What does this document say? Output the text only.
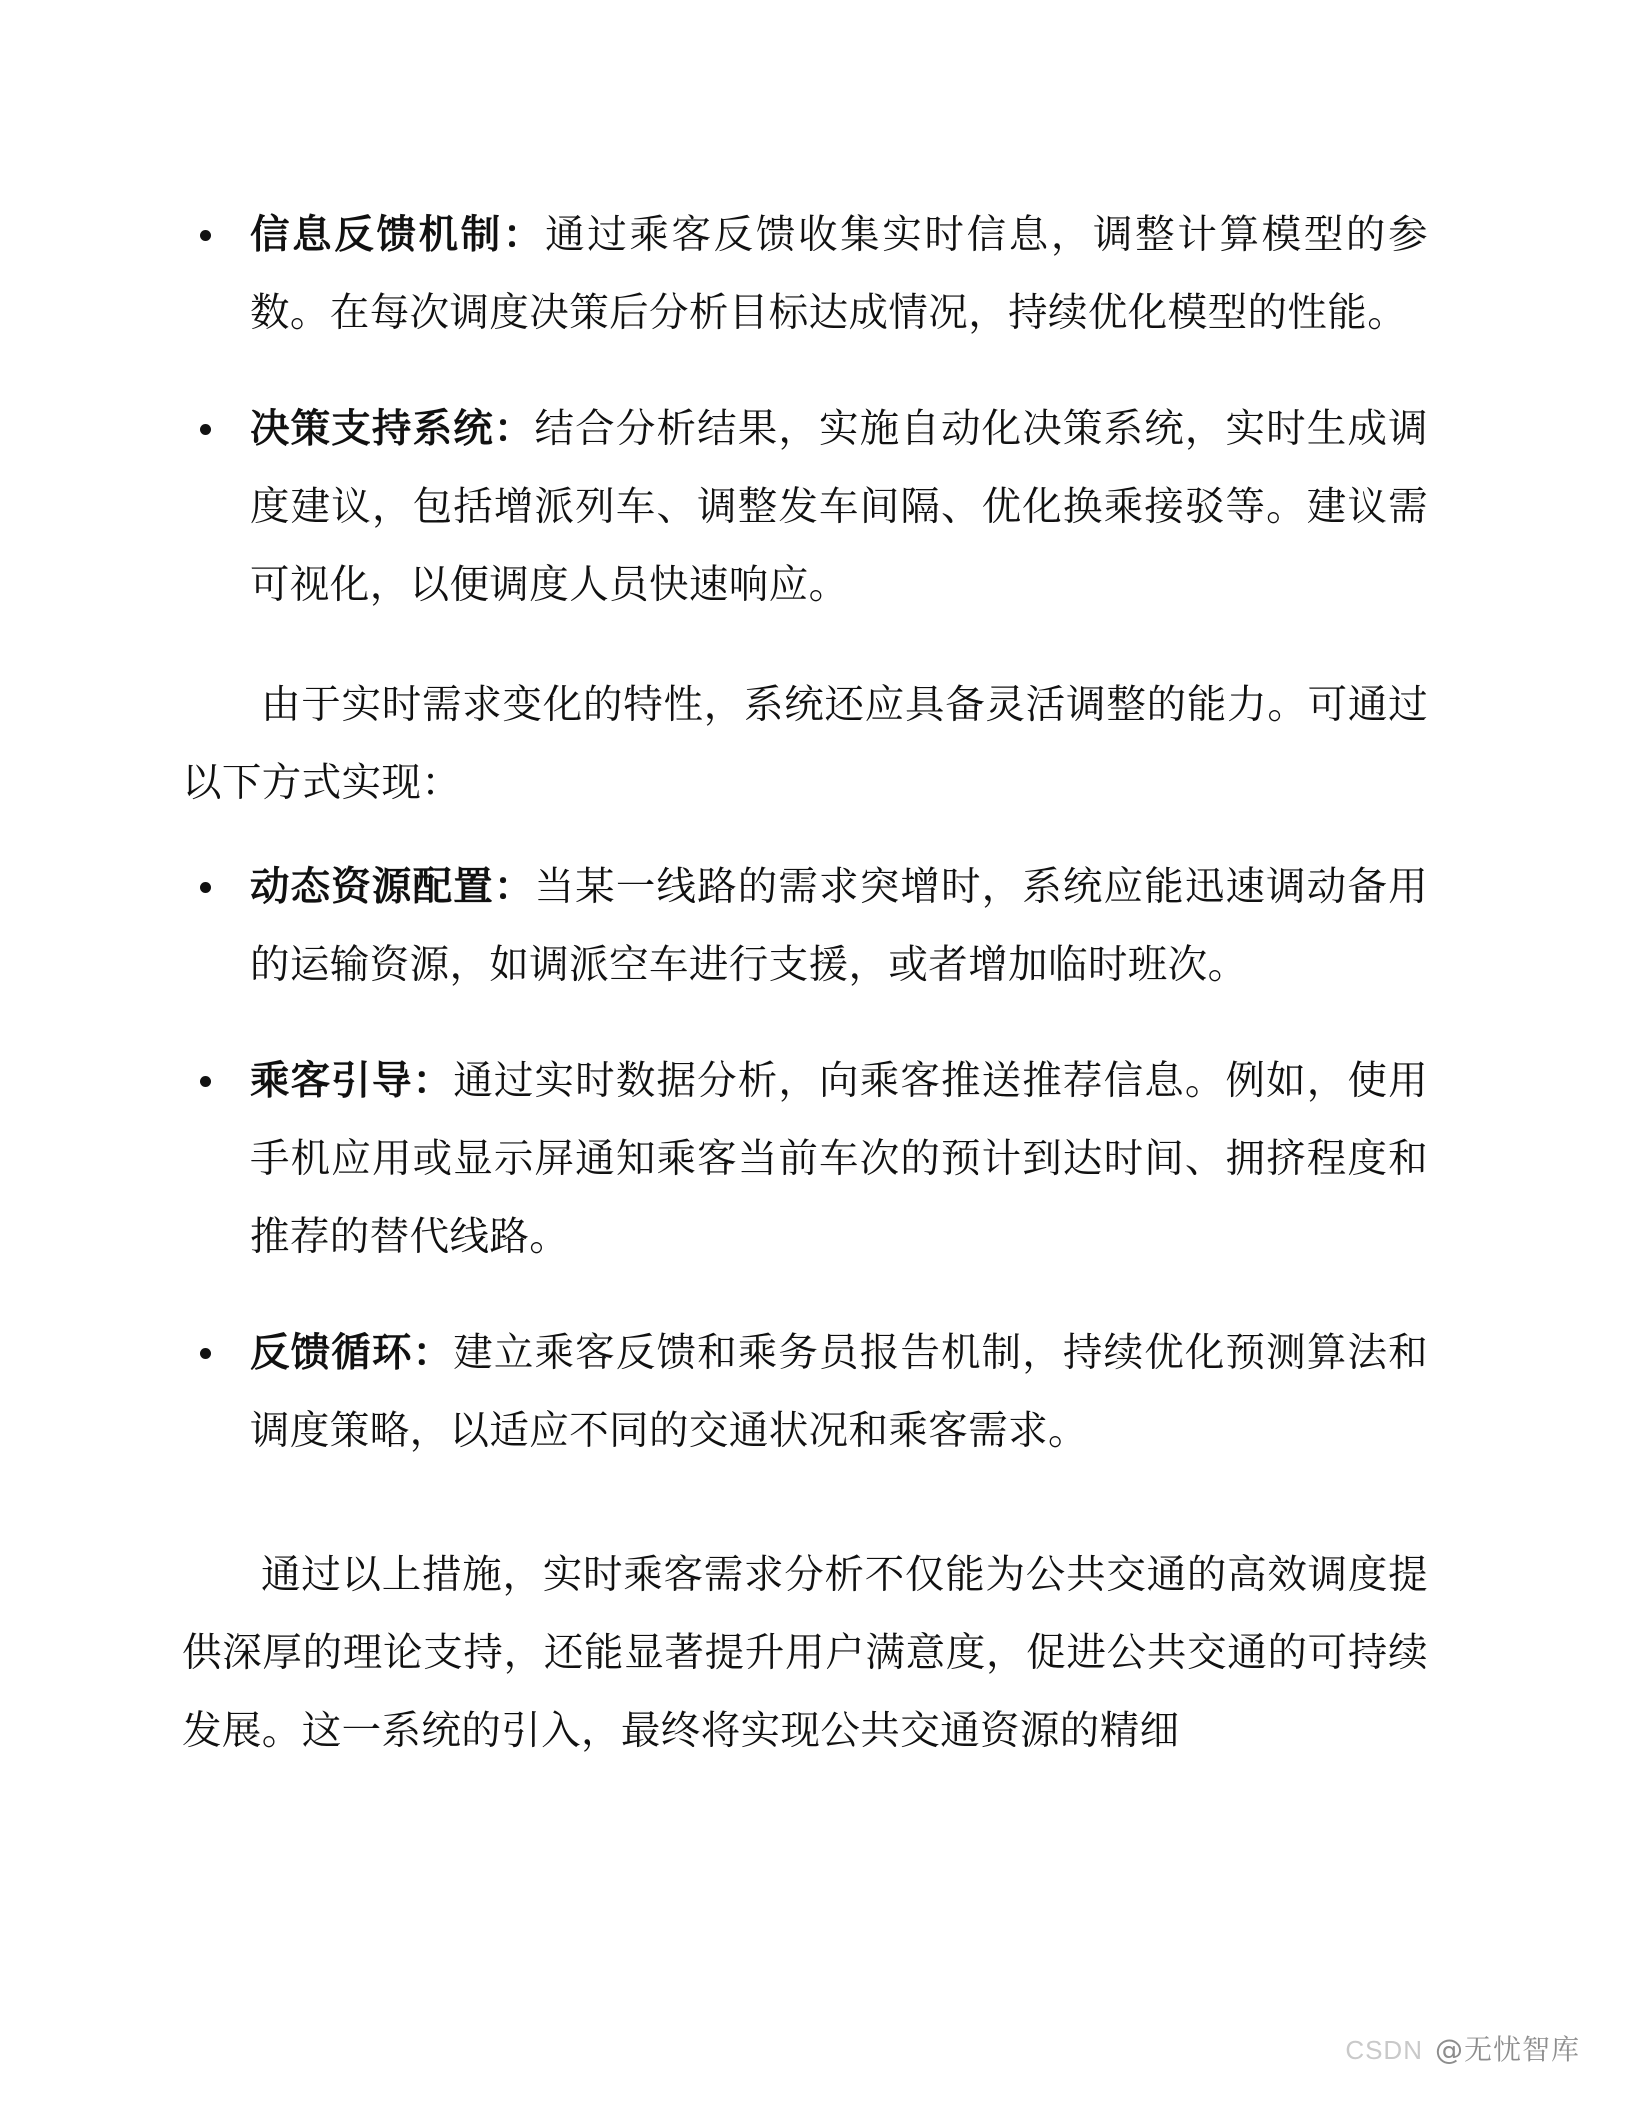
信息反馈机制：通过乘客反馈收集实时信息，调整计算模型的参数。在每次调度决策后分析目标达成情况，持续优化模型的性能。
决策支持系统：结合分析结果，实施自动化决策系统，实时生成调度建议，包括增派列车、调整发车间隔、优化换乘接驳等。建议需可视化，以便调度人员快速响应。

由于实时需求变化的特性，系统还应具备灵活调整的能力。可通过以下方式实现：

动态资源配置：当某一线路的需求突增时，系统应能迅速调动备用的运输资源，如调派空车进行支援，或者增加临时班次。
乘客引导：通过实时数据分析，向乘客推送推荐信息。例如，使用手机应用或显示屏通知乘客当前车次的预计到达时间、拥挤程度和推荐的替代线路。
反馈循环：建立乘客反馈和乘务员报告机制，持续优化预测算法和调度策略，以适应不同的交通状况和乘客需求。

通过以上措施，实时乘客需求分析不仅能为公共交通的高效调度提供深厚的理论支持，还能显著提升用户满意度，促进公共交通的可持续发展。这一系统的引入，最终将实现公共交通资源的精细

CSDN @无忧智库
